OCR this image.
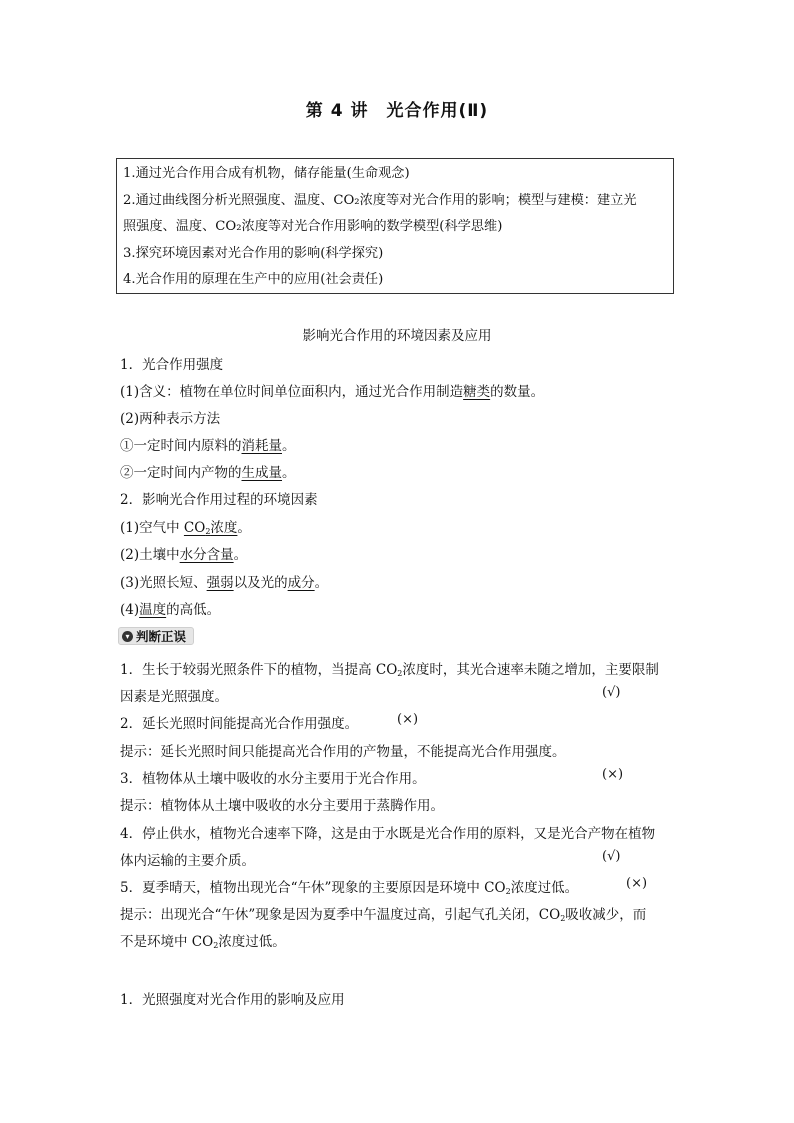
第 4 讲 光合作用(Ⅱ)
1.通过光合作用合成有机物，储存能量(生命观念)
2.通过曲线图分析光照强度、温度、CO₂浓度等对光合作用的影响；模型与建模：建立光
照强度、温度、CO₂浓度等对光合作用影响的数学模型(科学思维)
3.探究环境因素对光合作用的影响(科学探究)
4.光合作用的原理在生产中的应用(社会责任)
影响光合作用的环境因素及应用
1．光合作用强度
(1)含义：植物在单位时间单位面积内，通过光合作用制造糖类的数量。
(2)两种表示方法
①一定时间内原料的消耗量。
②一定时间内产物的生成量。
2．影响光合作用过程的环境因素
(1)空气中 $CO_2$浓度。
(2)土壤中水分含量。
(3)光照长短、强弱以及光的成分。
(4)温度的高低。
▾ 判断正误
1．生长于较弱光照条件下的植物，当提高 $CO_2$浓度时，其光合速率未随之增加，主要限制
因素是光照强度。	(√)
2．延长光照时间能提高光合作用强度。	(×)
提示：延长光照时间只能提高光合作用的产物量，不能提高光合作用强度。
3．植物体从土壤中吸收的水分主要用于光合作用。	(×)
提示：植物体从土壤中吸收的水分主要用于蒸腾作用。
4．停止供水，植物光合速率下降，这是由于水既是光合作用的原料，又是光合产物在植物
体内运输的主要介质。	(√)
5．夏季晴天，植物出现光合“午休”现象的主要原因是环境中 $CO_2$浓度过低。	(×)
提示：出现光合“午休”现象是因为夏季中午温度过高，引起气孔关闭，$CO_2$吸收减少，而
不是环境中 $CO_2$浓度过低。
1．光照强度对光合作用的影响及应用
